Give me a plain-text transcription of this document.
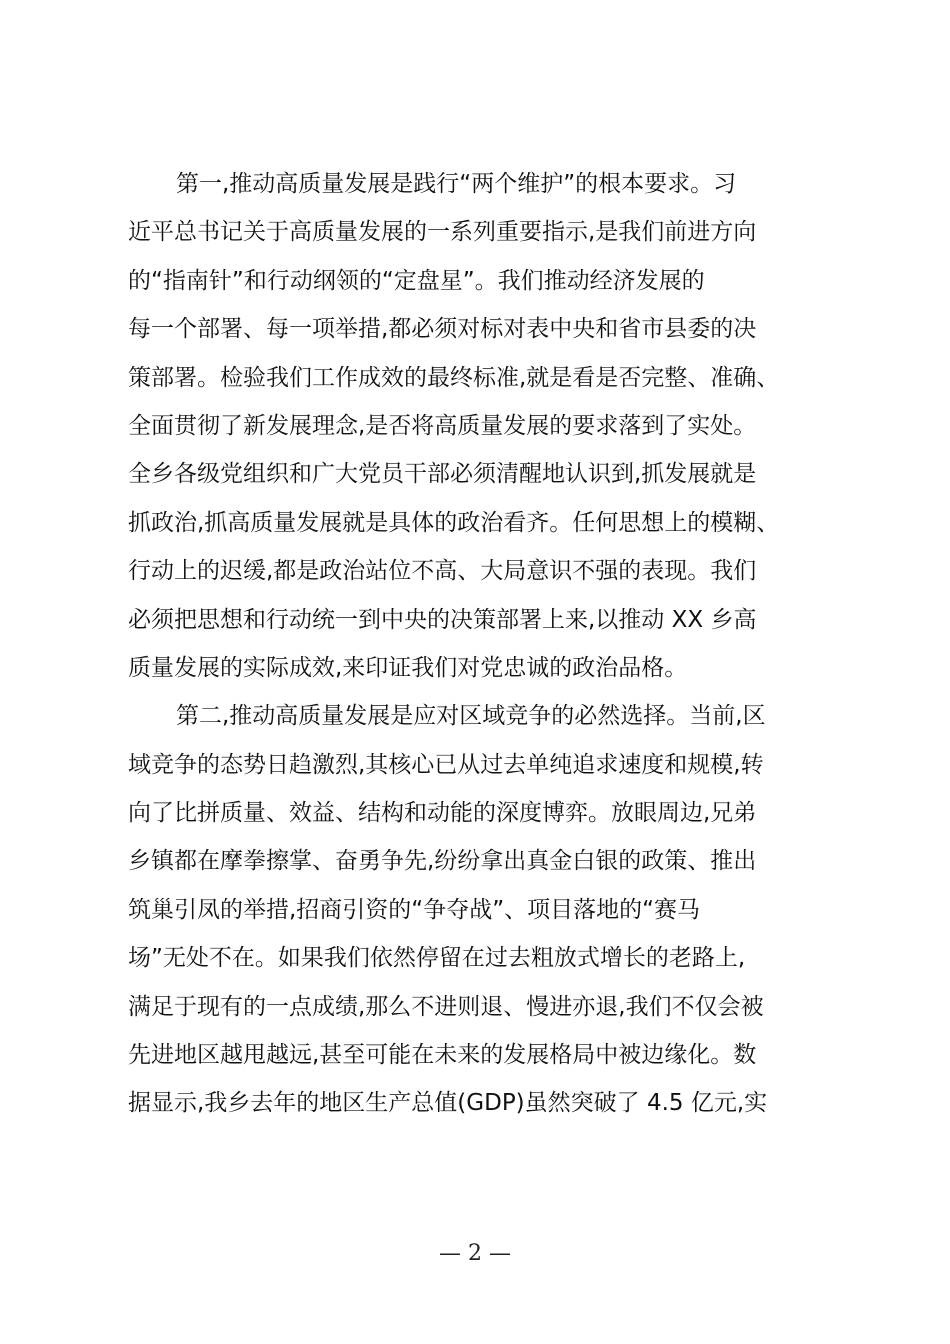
第一,推动高质量发展是践行“两个维护”的根本要求。习
近平总书记关于高质量发展的一系列重要指示,是我们前进方向
的“指南针”和行动纲领的“定盘星”。我们推动经济发展的
每一个部署、每一项举措,都必须对标对表中央和省市县委的决
策部署。检验我们工作成效的最终标准,就是看是否完整、准确、
全面贯彻了新发展理念,是否将高质量发展的要求落到了实处。
全乡各级党组织和广大党员干部必须清醒地认识到,抓发展就是
抓政治,抓高质量发展就是具体的政治看齐。任何思想上的模糊、
行动上的迟缓,都是政治站位不高、大局意识不强的表现。我们
必须把思想和行动统一到中央的决策部署上来,以推动 XX 乡高
质量发展的实际成效,来印证我们对党忠诚的政治品格。
第二,推动高质量发展是应对区域竞争的必然选择。当前,区
域竞争的态势日趋激烈,其核心已从过去单纯追求速度和规模,转
向了比拼质量、效益、结构和动能的深度博弈。放眼周边,兄弟
乡镇都在摩拳擦掌、奋勇争先,纷纷拿出真金白银的政策、推出
筑巢引凤的举措,招商引资的“争夺战”、项目落地的“赛马
场”无处不在。如果我们依然停留在过去粗放式增长的老路上,
满足于现有的一点成绩,那么不进则退、慢进亦退,我们不仅会被
先进地区越甩越远,甚至可能在未来的发展格局中被边缘化。数
据显示,我乡去年的地区生产总值(GDP)虽然突破了 4.5 亿元,实
— 2 —
